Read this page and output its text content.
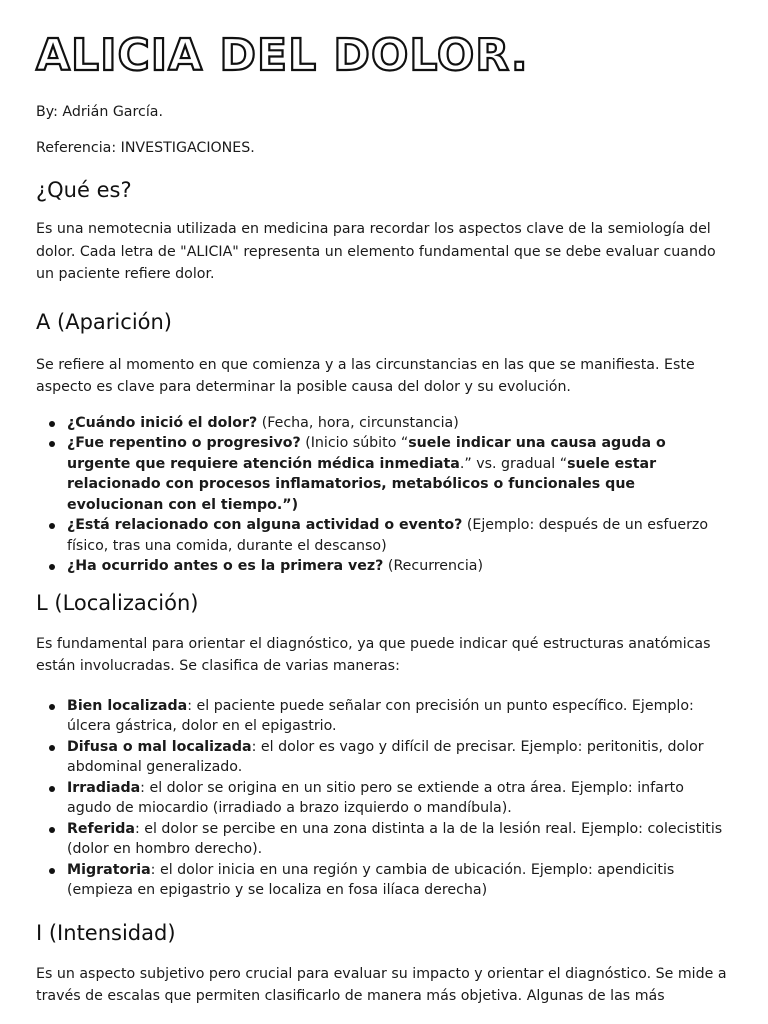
ALICIA DEL DOLOR.

By: Adrián García.

Referencia: INVESTIGACIONES.

¿Qué es?

Es una nemotecnia utilizada en medicina para recordar los aspectos clave de la semiología del dolor. Cada letra de "ALICIA" representa un elemento fundamental que se debe evaluar cuando un paciente refiere dolor.

A (Aparición)

Se refiere al momento en que comienza y a las circunstancias en las que se manifiesta. Este aspecto es clave para determinar la posible causa del dolor y su evolución.

¿Cuándo inició el dolor? (Fecha, hora, circunstancia)
¿Fue repentino o progresivo? (Inicio súbito “suele indicar una causa aguda o urgente que requiere atención médica inmediata.” vs. gradual “suele estar relacionado con procesos inflamatorios, metabólicos o funcionales que evolucionan con el tiempo.”)
¿Está relacionado con alguna actividad o evento? (Ejemplo: después de un esfuerzo físico, tras una comida, durante el descanso)
¿Ha ocurrido antes o es la primera vez? (Recurrencia)
L (Localización)

Es fundamental para orientar el diagnóstico, ya que puede indicar qué estructuras anatómicas están involucradas. Se clasifica de varias maneras:

Bien localizada: el paciente puede señalar con precisión un punto específico. Ejemplo: úlcera gástrica, dolor en el epigastrio.
Difusa o mal localizada: el dolor es vago y difícil de precisar. Ejemplo: peritonitis, dolor abdominal generalizado.
Irradiada: el dolor se origina en un sitio pero se extiende a otra área. Ejemplo: infarto agudo de miocardio (irradiado a brazo izquierdo o mandíbula).
Referida: el dolor se percibe en una zona distinta a la de la lesión real. Ejemplo: colecistitis (dolor en hombro derecho).
Migratoria: el dolor inicia en una región y cambia de ubicación. Ejemplo: apendicitis (empieza en epigastrio y se localiza en fosa ilíaca derecha)
I (Intensidad)

Es un aspecto subjetivo pero crucial para evaluar su impacto y orientar el diagnóstico. Se mide a través de escalas que permiten clasificarlo de manera más objetiva. Algunas de las más
